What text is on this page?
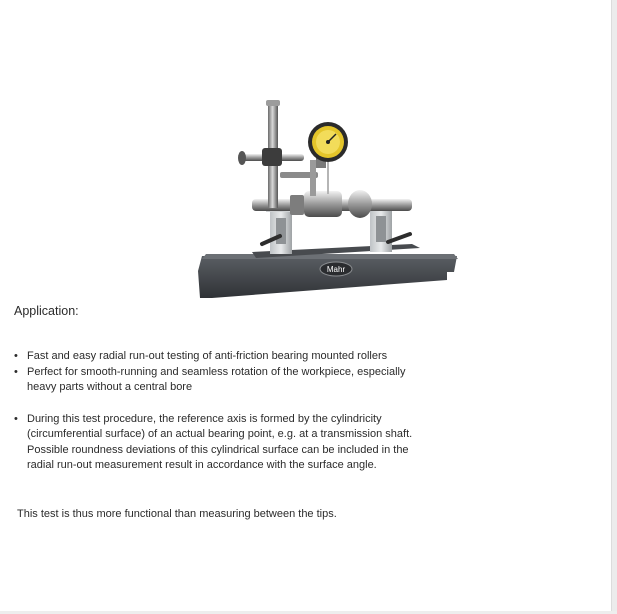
Mahr
Application:
• Fast and easy radial run-out testing of anti-friction bearing mounted rollers
• Perfect for smooth-running and seamless rotation of the workpiece, especially heavy parts without a central bore
• During this test procedure, the reference axis is formed by the cylindricity (circumferential surface) of an actual bearing point, e.g. at a transmission shaft. Possible roundness deviations of this cylindrical surface can be included in the radial run-out measurement result in accordance with the surface angle.
This test is thus more functional than measuring between the tips.
